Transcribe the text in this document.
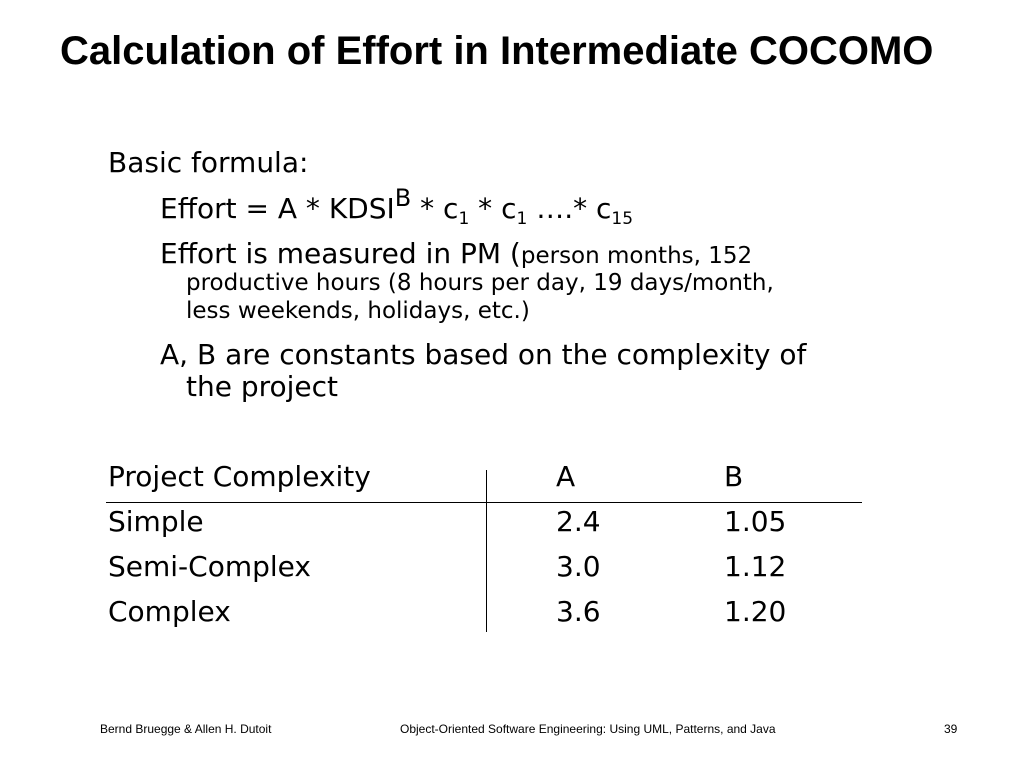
Calculation of Effort in Intermediate COCOMO
Basic formula:
Effort = A * $KDSI^B * c_1 * c_1$ ….* $c_{15}$
Effort is measured in PM (person months, 152
productive hours (8 hours per day, 19 days/month,
less weekends, holidays, etc.)
A, B are constants based on the complexity of
the project
Project Complexity	A	B
Simple	2.4	1.05
Semi-Complex	3.0	1.12
Complex	3.6	1.20
Bernd Bruegge & Allen H. Dutoit	Object-Oriented Software Engineering: Using UML, Patterns, and Java	39
